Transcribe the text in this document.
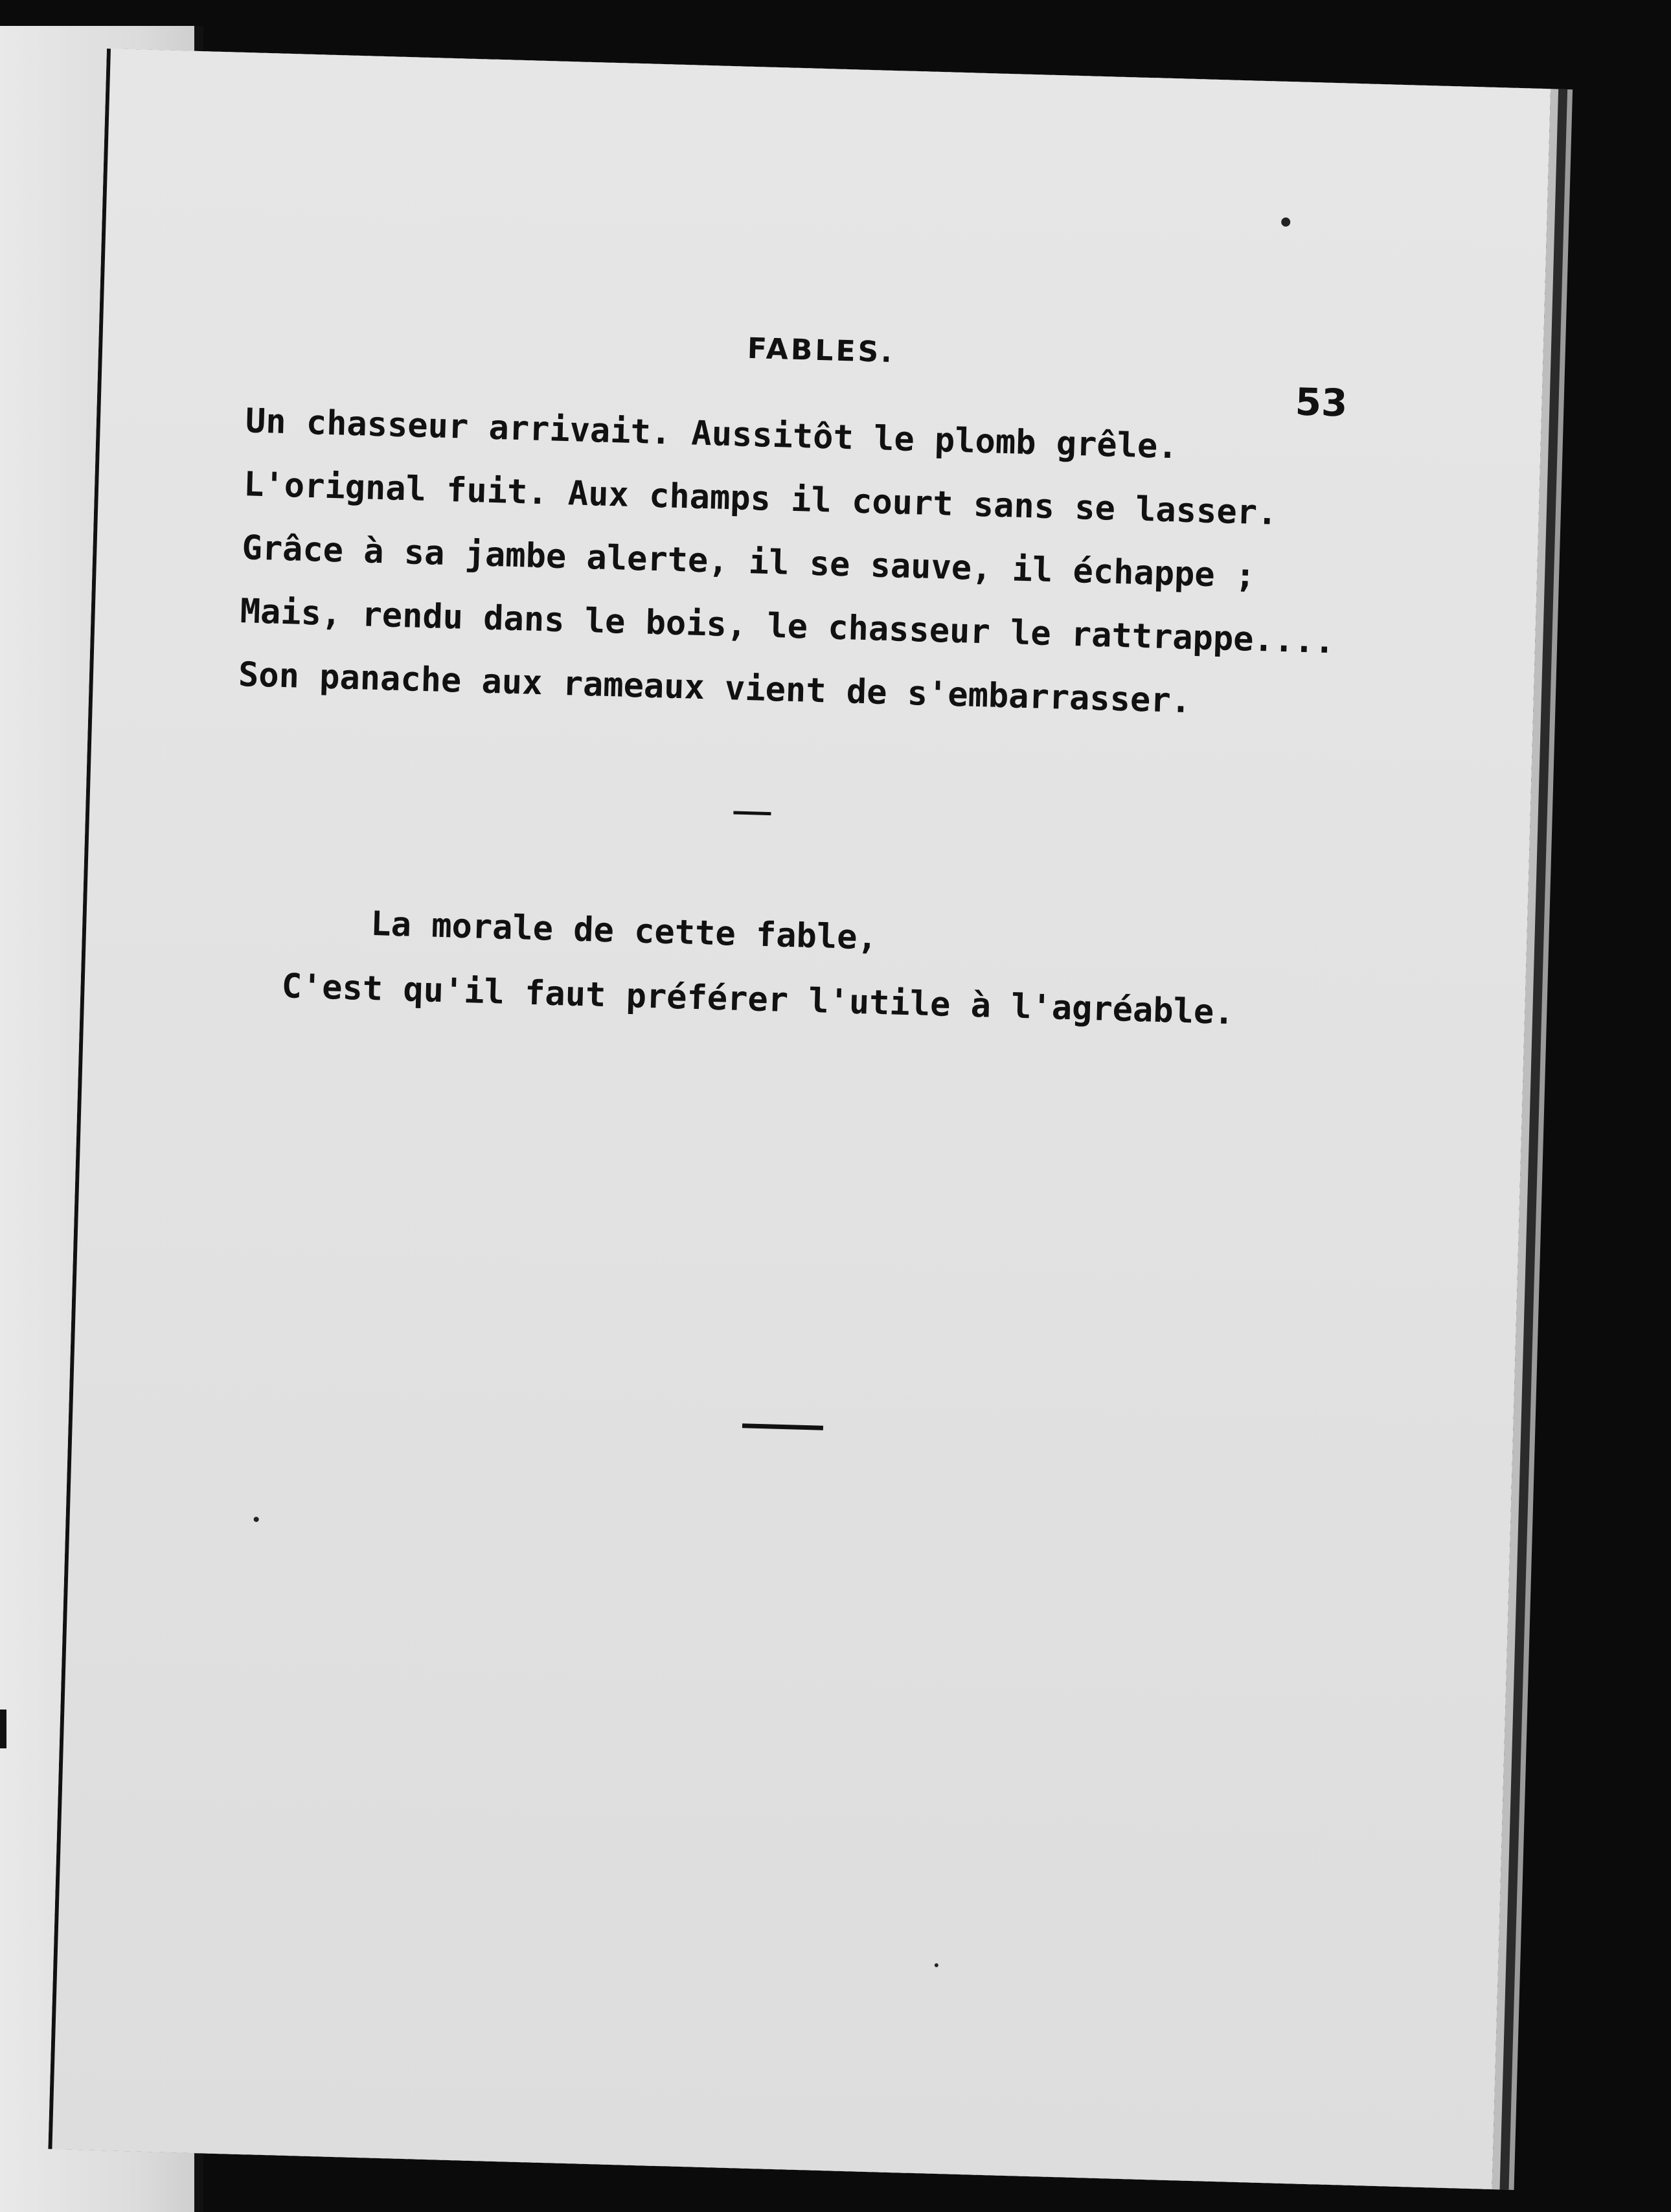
FABLES.
53
Un chasseur arrivait. Aussitôt le plomb grêle.
L'orignal fuit. Aux champs il court sans se lasser.
Grâce à sa jambe alerte, il se sauve, il échappe ;
Mais, rendu dans le bois, le chasseur le rattrappe....
Son panache aux rameaux vient de s'embarrasser.
La morale de cette fable,
C'est qu'il faut préférer l'utile à l'agréable.
